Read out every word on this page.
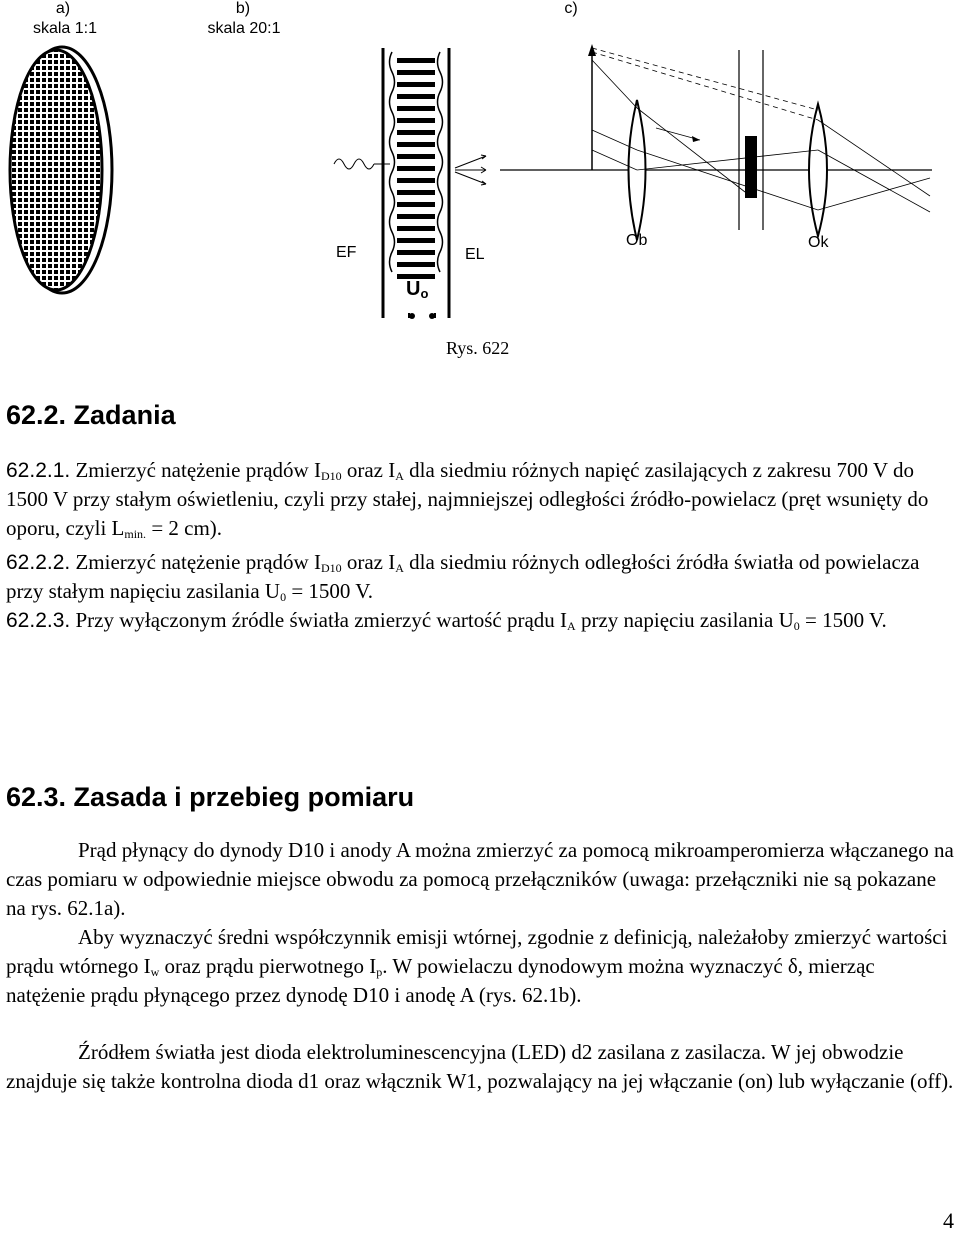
a)
skala 1:1
b)
skala 20:1
c)
EF	EL
$U_o$
Ob	Ok
Rys. 622
62.2. Zadania

62.2.1. Zmierzyć natężenie prądów $I_{D10}$ oraz $I_A$ dla siedmiu różnych napięć zasilających z zakresu 700 V do 1500 V przy stałym oświetleniu, czyli przy stałej, najmniejszej odległości źródło-powielacz (pręt wsunięty do oporu, czyli $L_{min.} = 2$ cm).

62.2.2. Zmierzyć natężenie prądów $I_{D10}$ oraz $I_A$ dla siedmiu różnych odległości źródła światła od powielacza przy stałym napięciu zasilania $U_0 = 1500$ V.

62.2.3. Przy wyłączonym źródle światła zmierzyć wartość prądu $I_A$ przy napięciu zasilania $U_0 = 1500$ V.

62.3. Zasada i przebieg pomiaru

Prąd płynący do dynody D10 i anody A można zmierzyć za pomocą mikroamperomierza włączanego na czas pomiaru w odpowiednie miejsce obwodu za pomocą przełączników (uwaga: przełączniki nie są pokazane na rys. 62.1a).

Aby wyznaczyć średni współczynnik emisji wtórnej, zgodnie z definicją, należałoby zmierzyć wartości prądu wtórnego $I_w$ oraz prądu pierwotnego $I_p$. W powielaczu dynodowym można wyznaczyć δ, mierząc natężenie prądu płynącego przez dynodę D10 i anodę A (rys. 62.1b).

Źródłem światła jest dioda elektroluminescencyjna (LED) d2 zasilana z zasilacza. W jej obwodzie znajduje się także kontrolna dioda d1 oraz włącznik W1, pozwalający na jej włączanie (on) lub wyłączanie (off).

4
